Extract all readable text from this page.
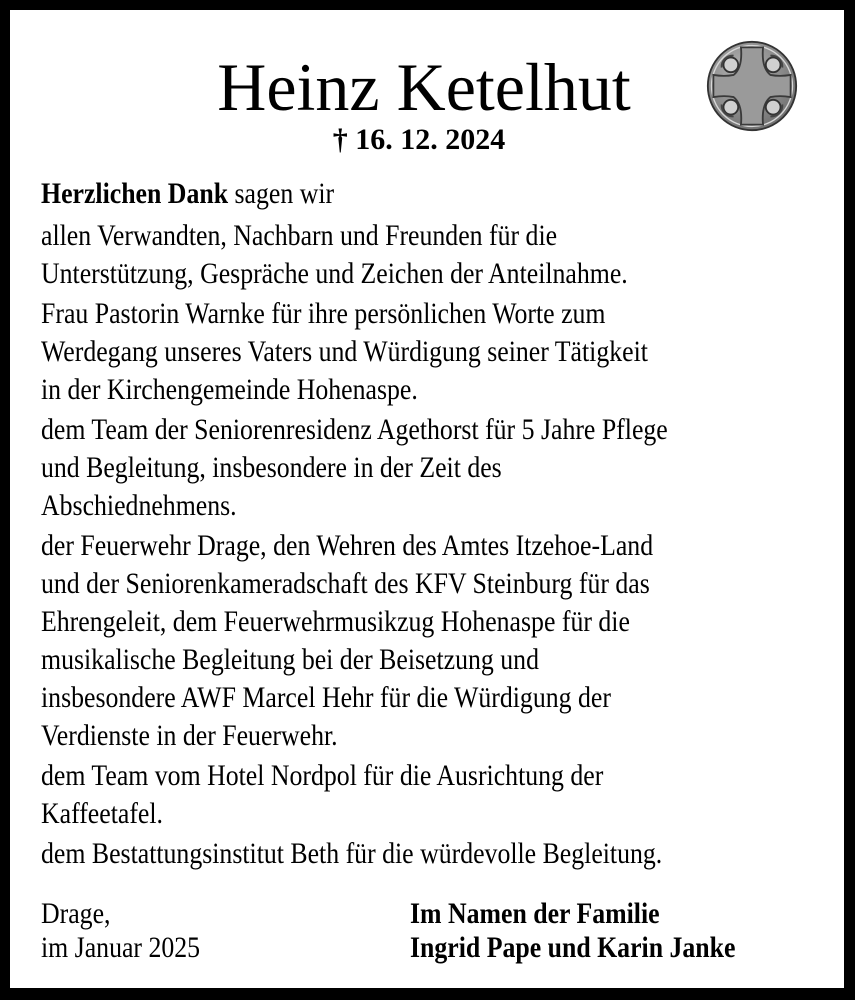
Heinz Ketelhut
† 16. 12. 2024
Herzlichen Dank sagen wir
allen Verwandten, Nachbarn und Freunden für die
Unterstützung, Gespräche und Zeichen der Anteilnahme.
Frau Pastorin Warnke für ihre persönlichen Worte zum
Werdegang unseres Vaters und Würdigung seiner Tätigkeit
in der Kirchengemeinde Hohenaspe.
dem Team der Seniorenresidenz Agethorst für 5 Jahre Pflege
und Begleitung, insbesondere in der Zeit des
Abschiednehmens.
der Feuerwehr Drage, den Wehren des Amtes Itzehoe-Land
und der Seniorenkameradschaft des KFV Steinburg für das
Ehrengeleit, dem Feuerwehrmusikzug Hohenaspe für die
musikalische Begleitung bei der Beisetzung und
insbesondere AWF Marcel Hehr für die Würdigung der
Verdienste in der Feuerwehr.
dem Team vom Hotel Nordpol für die Ausrichtung der
Kaffeetafel.
dem Bestattungsinstitut Beth für die würdevolle Begleitung.
Drage,
im Januar 2025
Im Namen der Familie
Ingrid Pape und Karin Janke
